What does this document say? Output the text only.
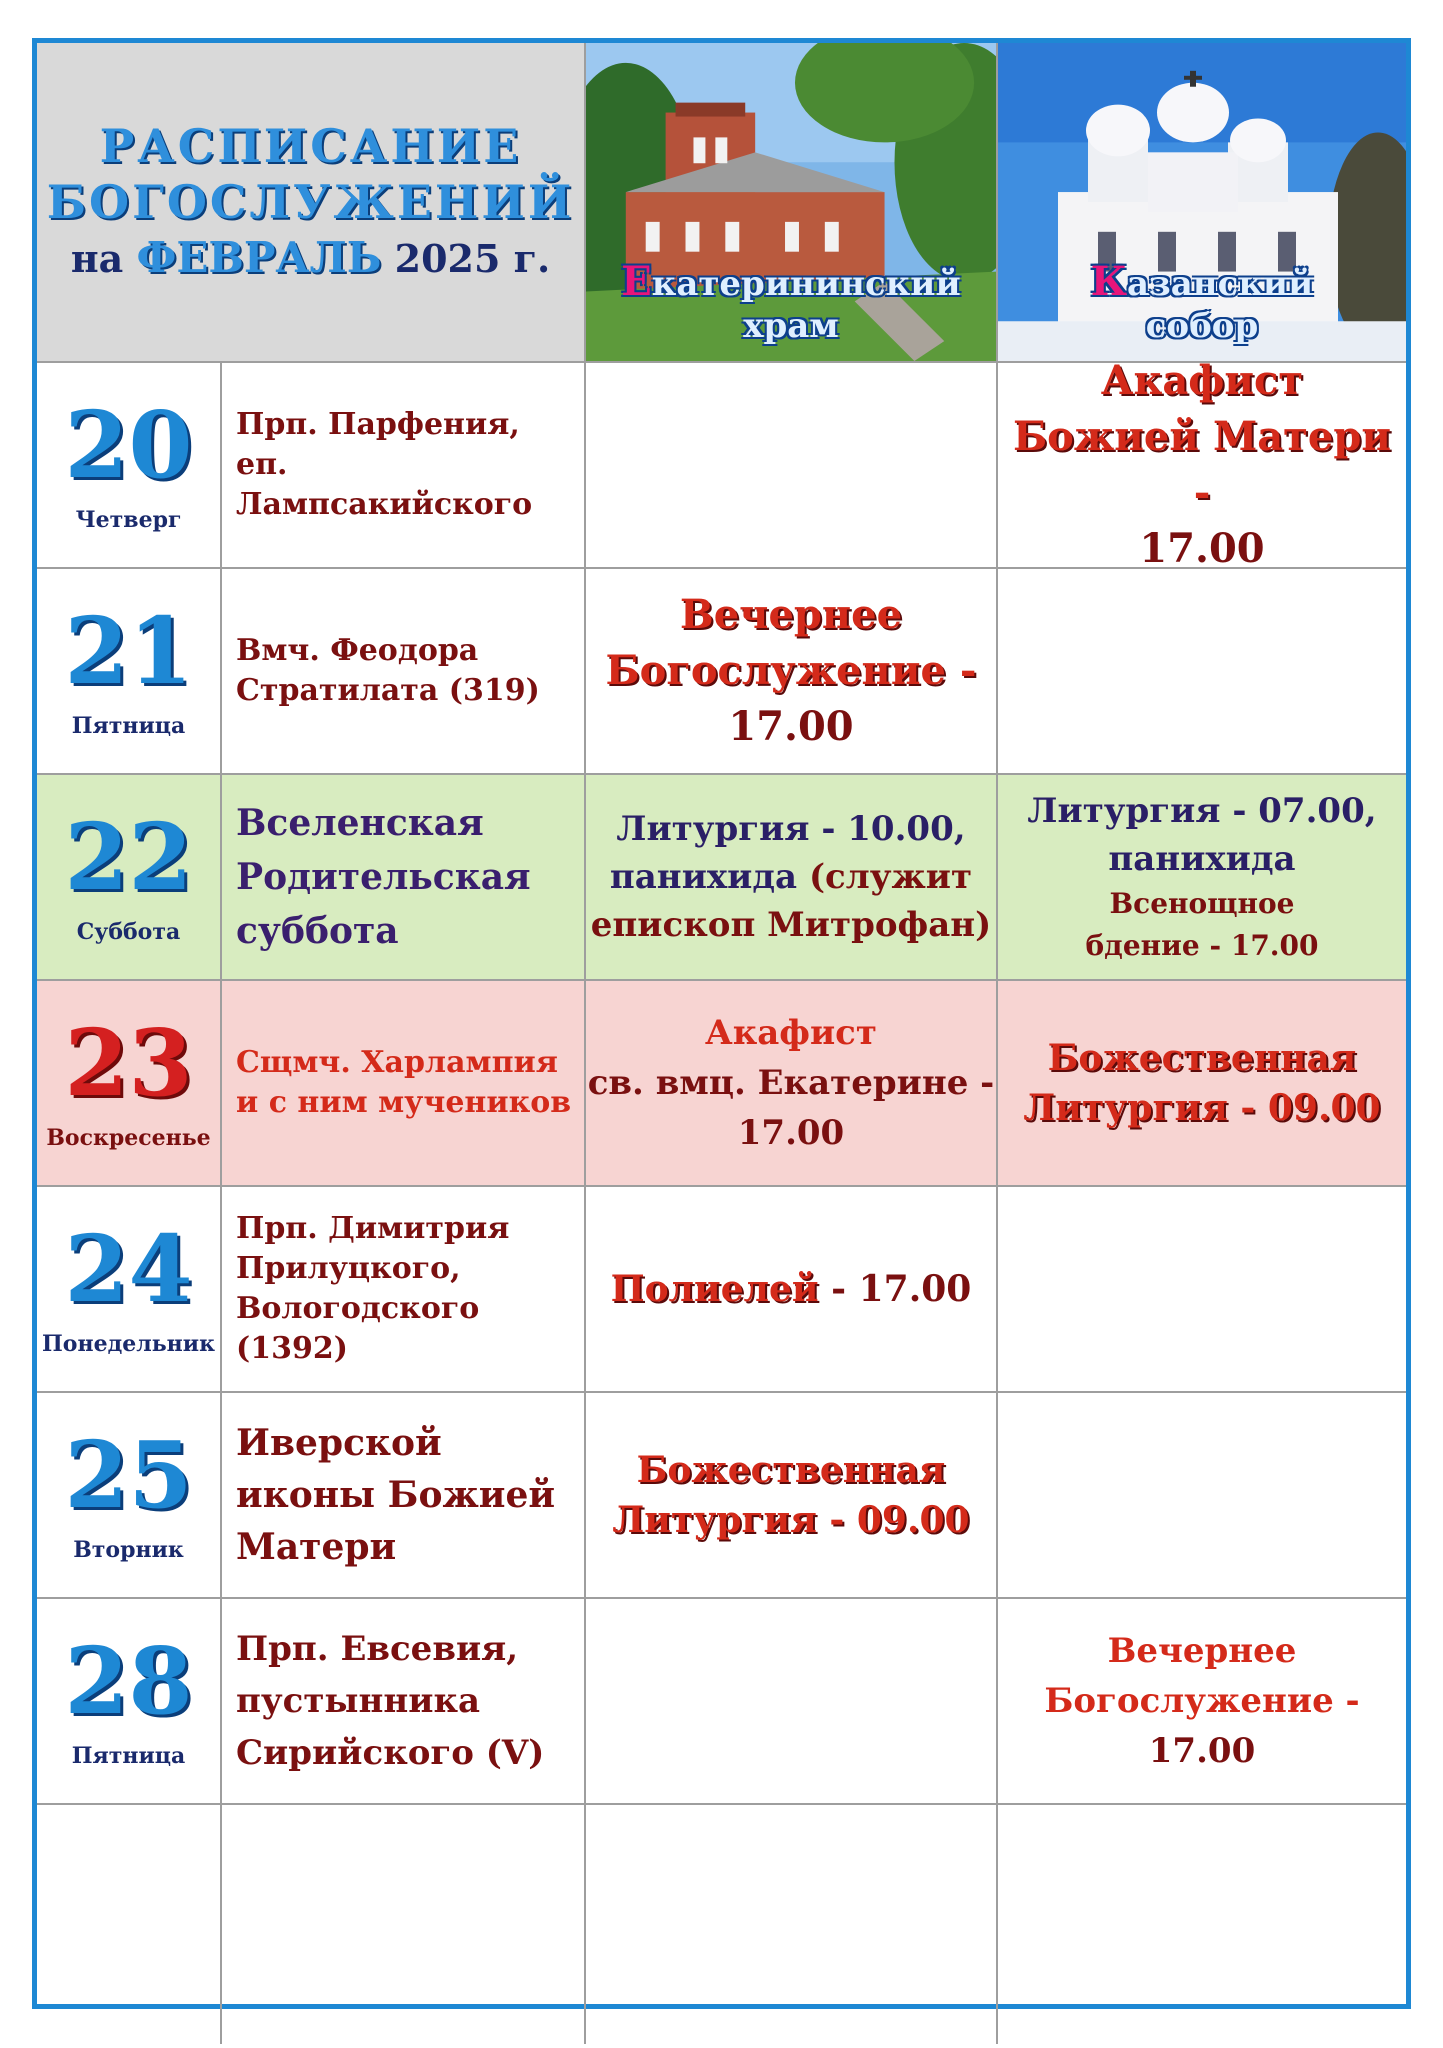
РАСПИСАНИЕ
БОГОСЛУЖЕНИЙ
на ФЕВРАЛЬ 2025 г. Екатерининский
храм
Казанский
собор
20
Четверг
Прп. Парфения,
еп. Лампсакийского
Акафист
Божией Матери -
17.00
21
Пятница
Вмч. Феодора
Стратилата (319)
Вечернее
Богослужение -
17.00
22
Суббота
Вселенская
Родительская
суббота
Литургия - 10.00,
панихида (служит
епископ Митрофан)
Литургия - 07.00,
панихида
Всенощное
бдение - 17.00
23
Воскресенье
Сщмч. Харлампия
и с ним мучеников
Акафист
св. вмц. Екатерине -
17.00
Божественная
Литургия - 09.00
24
Понедельник
Прп. Димитрия
Прилуцкого,
Вологодского
(1392)
Полиелей - 17.00
25
Вторник
Иверской
иконы Божией
Матери
Божественная
Литургия - 09.00
28
Пятница
Прп. Евсевия,
пустынника
Сирийского (V)
Вечернее
Богослужение -
17.00
